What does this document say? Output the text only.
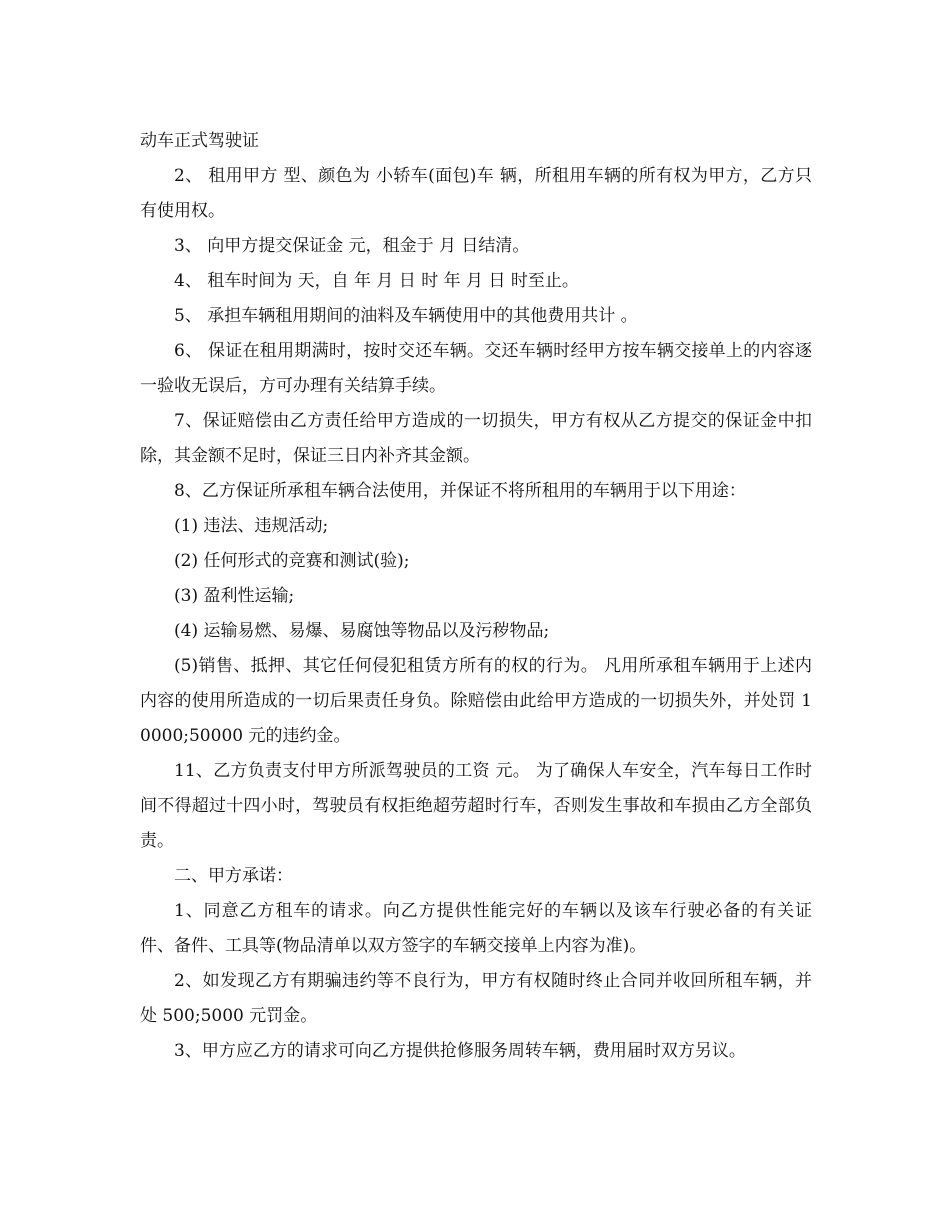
动车正式驾驶证

2、 租用甲方 型、颜色为 小轿车(面包)车 辆，所租用车辆的所有权为甲方，乙方只有使用权。

3、 向甲方提交保证金 元，租金于 月 日结清。

4、 租车时间为 天，自 年 月 日 时 年 月 日 时至止。

5、 承担车辆租用期间的油料及车辆使用中的其他费用共计 。

6、 保证在租用期满时，按时交还车辆。交还车辆时经甲方按车辆交接单上的内容逐一验收无误后，方可办理有关结算手续。

7、保证赔偿由乙方责任给甲方造成的一切损失，甲方有权从乙方提交的保证金中扣除，其金额不足时，保证三日内补齐其金额。

8、乙方保证所承租车辆合法使用，并保证不将所租用的车辆用于以下用途：

(1) 违法、违规活动;

(2) 任何形式的竞赛和测试(验);

(3) 盈利性运输;

(4) 运输易燃、易爆、易腐蚀等物品以及污秽物品;

(5)销售、抵押、其它任何侵犯租赁方所有的权的行为。 凡用所承租车辆用于上述内内容的使用所造成的一切后果责任身负。除赔偿由此给甲方造成的一切损失外，并处罚 10000;50000 元的违约金。

11、乙方负责支付甲方所派驾驶员的工资 元。 为了确保人车安全，汽车每日工作时间不得超过十四小时，驾驶员有权拒绝超劳超时行车，否则发生事故和车损由乙方全部负责。

二、甲方承诺：

1、同意乙方租车的请求。向乙方提供性能完好的车辆以及该车行驶必备的有关证件、备件、工具等(物品清单以双方签字的车辆交接单上内容为准)。

2、如发现乙方有期骗违约等不良行为，甲方有权随时终止合同并收回所租车辆，并处 500;5000 元罚金。

3、甲方应乙方的请求可向乙方提供抢修服务周转车辆，费用届时双方另议。
